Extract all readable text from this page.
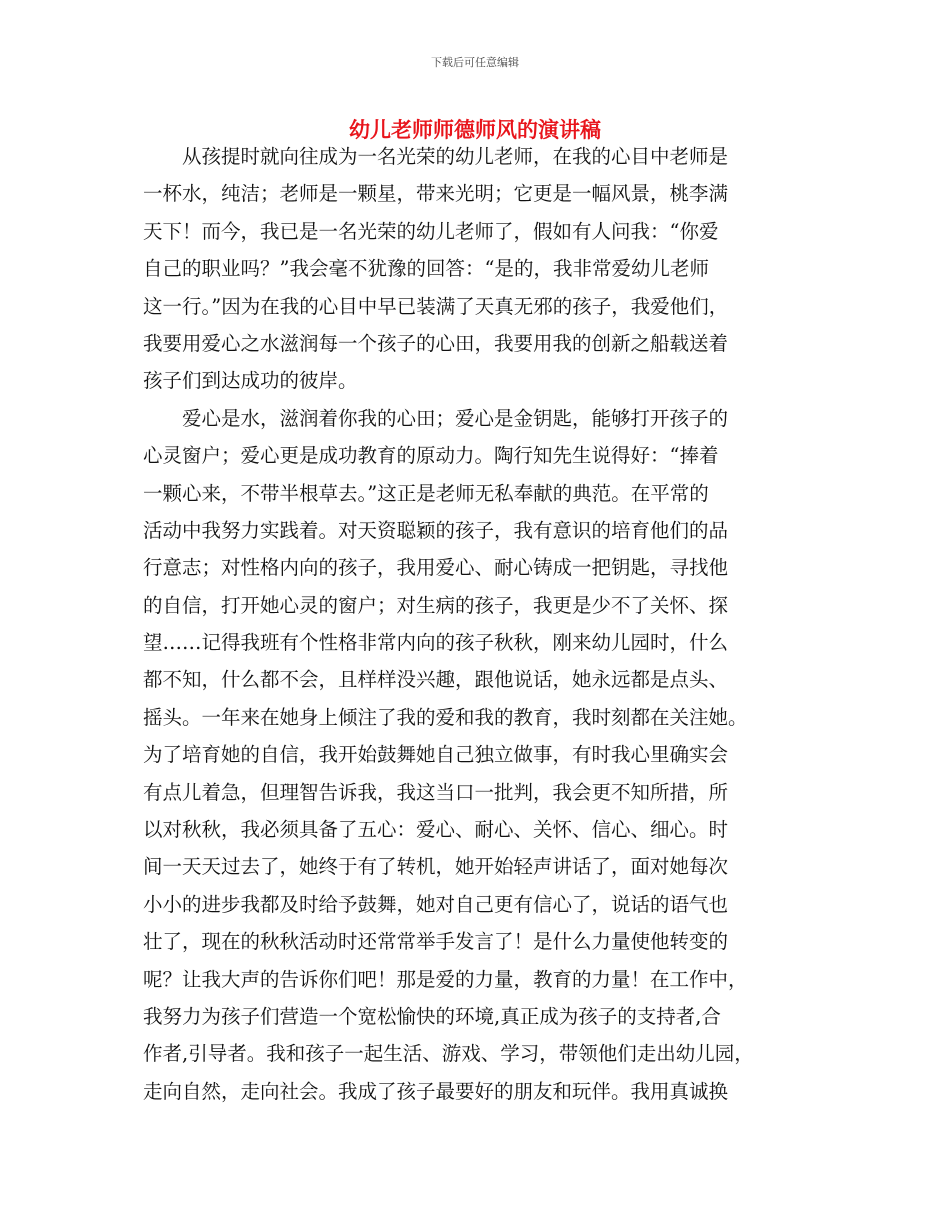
下载后可任意编辑
幼儿老师师德师风的演讲稿
　　从孩提时就向往成为一名光荣的幼儿老师，在我的心目中老师是
一杯水，纯洁；老师是一颗星，带来光明；它更是一幅风景，桃李满
天下！而今，我已是一名光荣的幼儿老师了，假如有人问我：“你爱
自己的职业吗？”我会毫不犹豫的回答：“是的，我非常爱幼儿老师
这一行。”因为在我的心目中早已装满了天真无邪的孩子，我爱他们，
我要用爱心之水滋润每一个孩子的心田，我要用我的创新之船载送着
孩子们到达成功的彼岸。
　　爱心是水，滋润着你我的心田；爱心是金钥匙，能够打开孩子的
心灵窗户；爱心更是成功教育的原动力。陶行知先生说得好：“捧着
一颗心来，不带半根草去。”这正是老师无私奉献的典范。在平常的
活动中我努力实践着。对天资聪颖的孩子，我有意识的培育他们的品
行意志；对性格内向的孩子，我用爱心、耐心铸成一把钥匙，寻找他
的自信，打开她心灵的窗户；对生病的孩子，我更是少不了关怀、探
望……记得我班有个性格非常内向的孩子秋秋，刚来幼儿园时，什么
都不知，什么都不会，且样样没兴趣，跟他说话，她永远都是点头、
摇头。一年来在她身上倾注了我的爱和我的教育，我时刻都在关注她。
为了培育她的自信，我开始鼓舞她自己独立做事，有时我心里确实会
有点儿着急，但理智告诉我，我这当口一批判，我会更不知所措，所
以对秋秋，我必须具备了五心：爱心、耐心、关怀、信心、细心。时
间一天天过去了，她终于有了转机，她开始轻声讲话了，面对她每次
小小的进步我都及时给予鼓舞，她对自己更有信心了，说话的语气也
壮了，现在的秋秋活动时还常常举手发言了！是什么力量使他转变的
呢？让我大声的告诉你们吧！那是爱的力量，教育的力量！在工作中，
我努力为孩子们营造一个宽松愉快的环境,真正成为孩子的支持者,合
作者,引导者。我和孩子一起生活、游戏、学习，带领他们走出幼儿园，
走向自然，走向社会。我成了孩子最要好的朋友和玩伴。我用真诚换
